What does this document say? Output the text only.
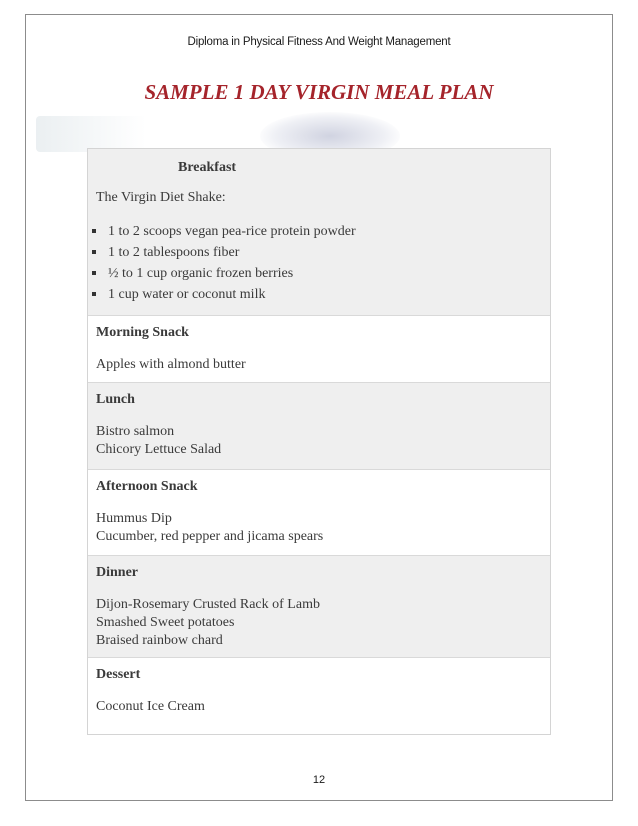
Diploma in Physical Fitness And Weight Management
SAMPLE 1 DAY VIRGIN MEAL PLAN
Breakfast
The Virgin Diet Shake:
1 to 2 scoops vegan pea-rice protein powder
1 to 2 tablespoons fiber
½ to 1 cup organic frozen berries
1 cup water or coconut milk
Morning Snack
Apples with almond butter
Lunch
Bistro salmon
Chicory Lettuce Salad
Afternoon Snack
Hummus Dip
Cucumber, red pepper and jicama spears
Dinner
Dijon-Rosemary Crusted Rack of Lamb
Smashed Sweet potatoes
Braised rainbow chard
Dessert
Coconut Ice Cream
12
